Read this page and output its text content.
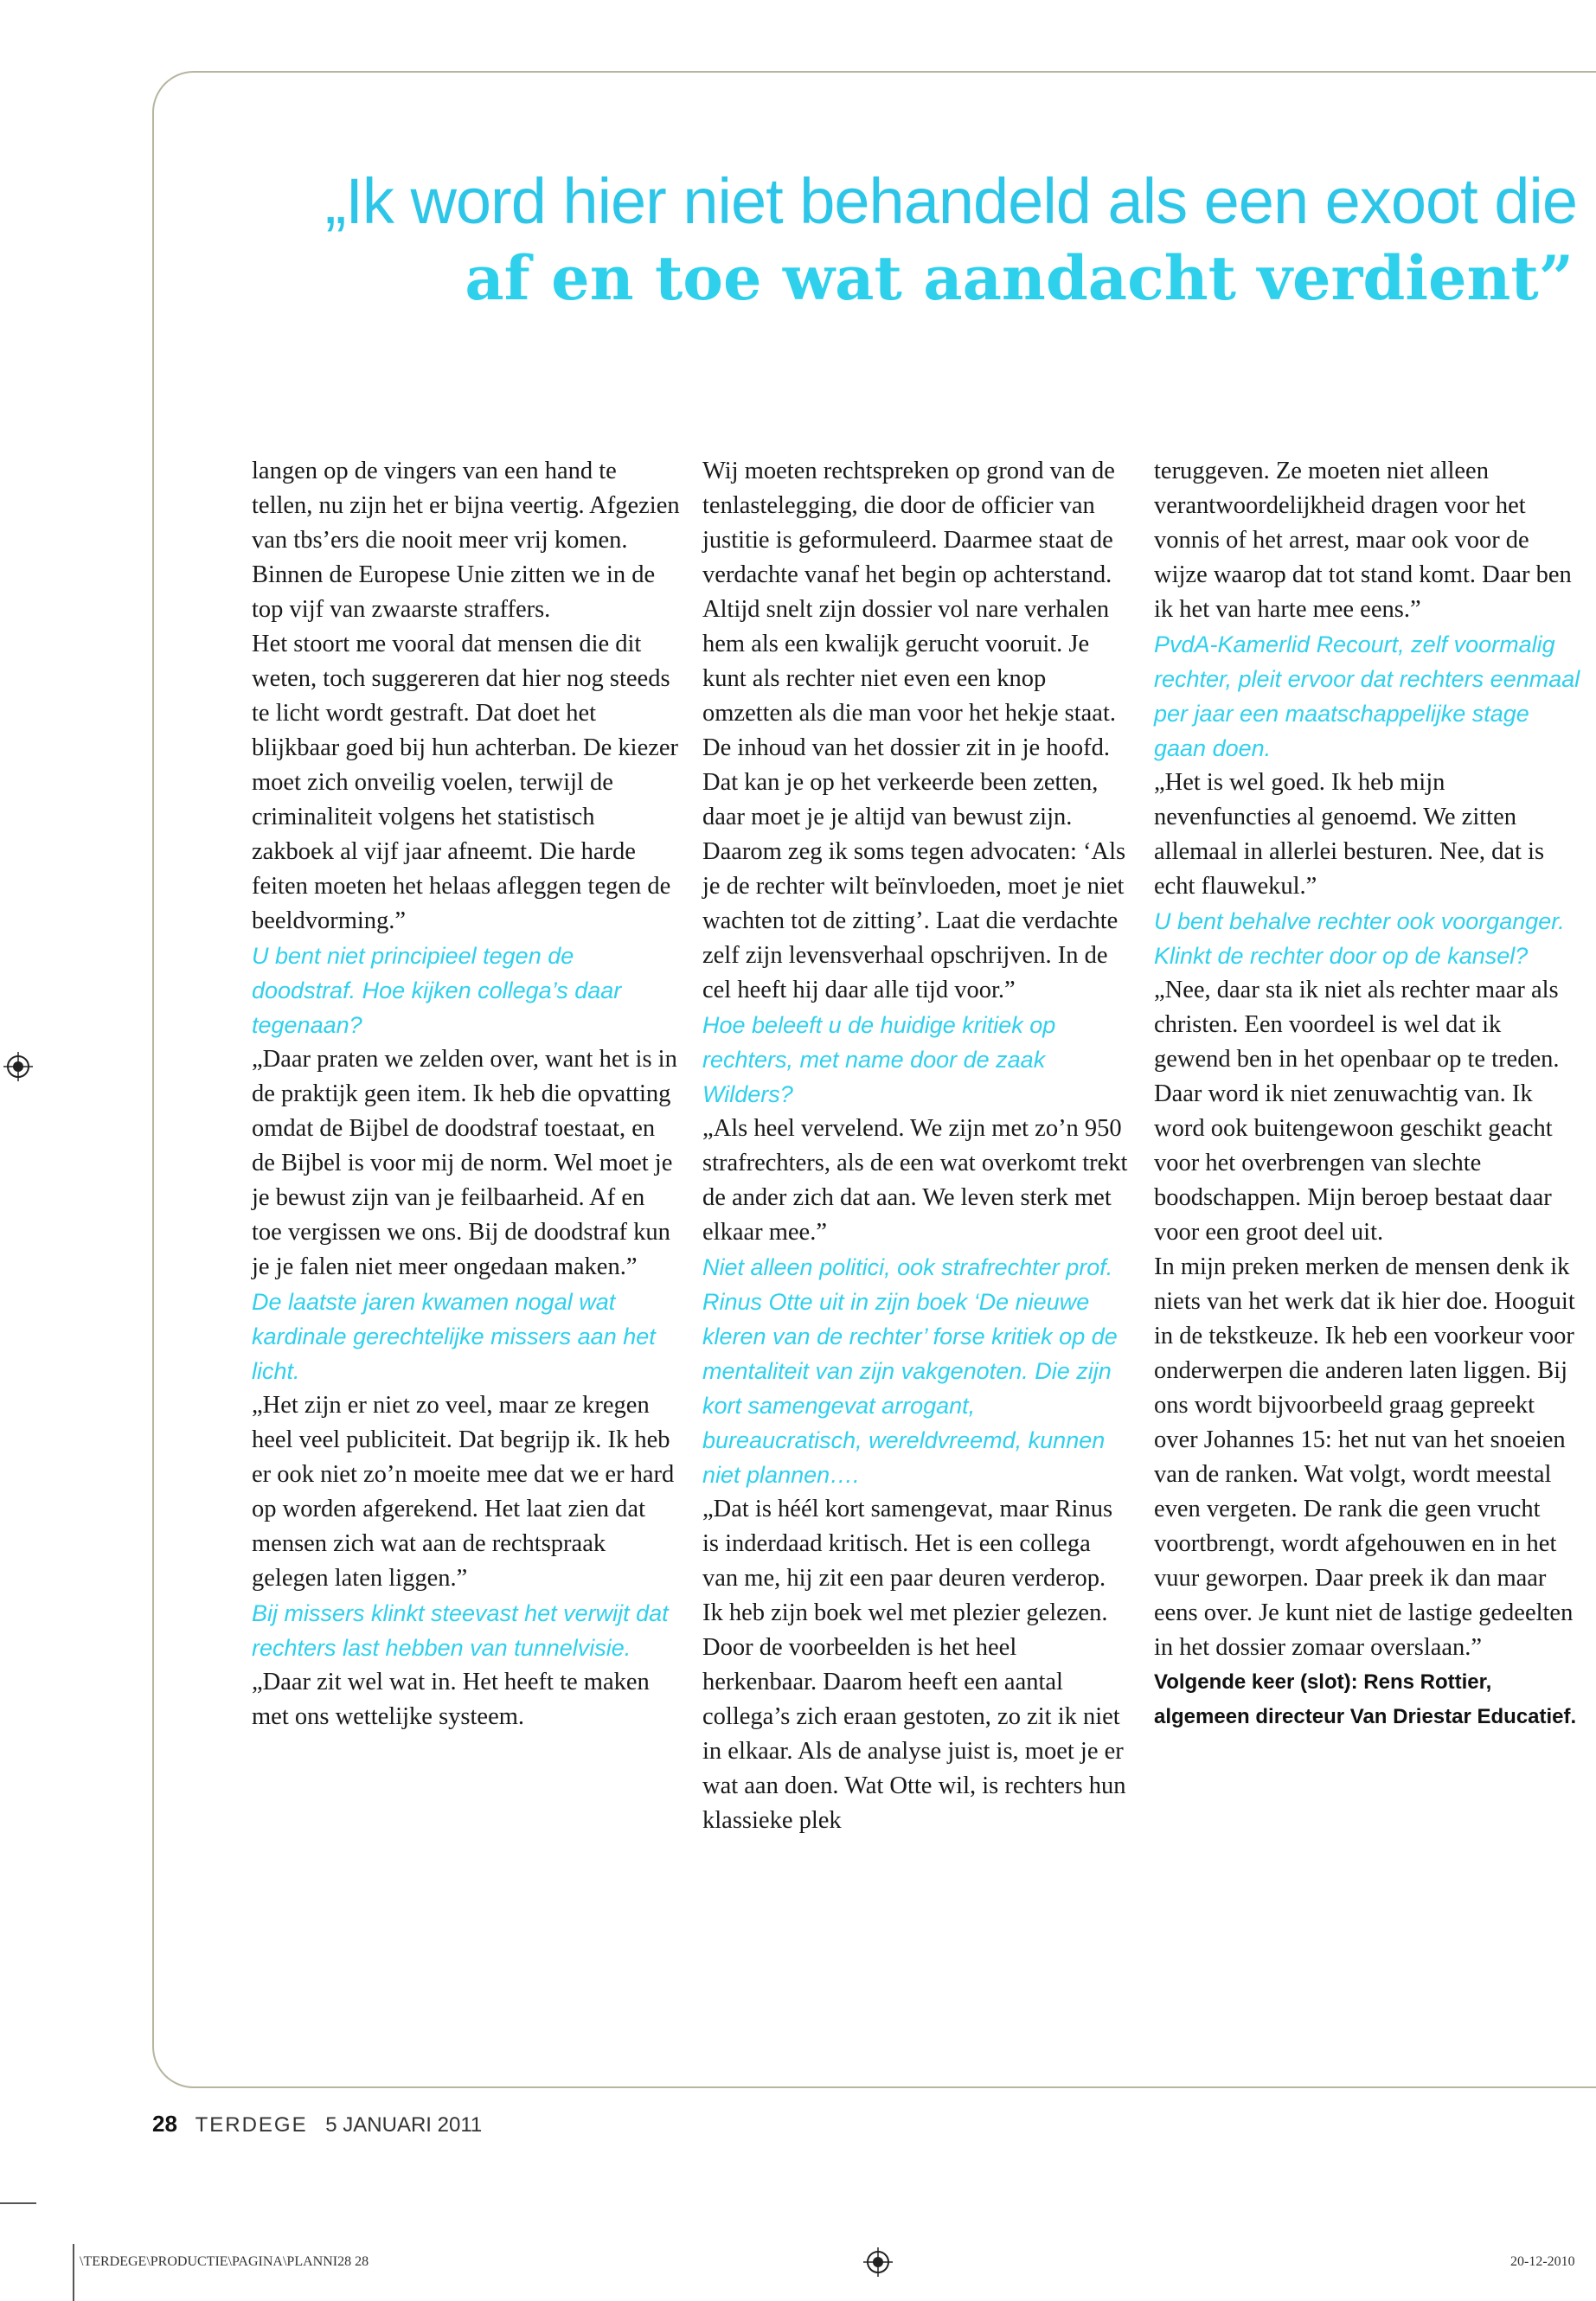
„Ik word hier niet behandeld als een exoot die
af en toe wat aandacht verdient”

langen op de vingers van een hand te tellen, nu zijn het er bijna veertig. Afgezien van tbs’ers die nooit meer vrij komen. Binnen de Europese Unie zitten we in de top vijf van zwaarste straffers.

Het stoort me vooral dat mensen die dit weten, toch suggereren dat hier nog steeds te licht wordt gestraft. Dat doet het blijkbaar goed bij hun achterban. De kiezer moet zich onveilig voelen, terwijl de criminaliteit volgens het statistisch zakboek al vijf jaar afneemt. Die harde feiten moeten het helaas afleggen tegen de beeldvorming.”

U bent niet principieel tegen de doodstraf. Hoe kijken collega’s daar tegenaan?

„Daar praten we zelden over, want het is in de praktijk geen item. Ik heb die opvatting omdat de Bijbel de doodstraf toestaat, en de Bijbel is voor mij de norm. Wel moet je je bewust zijn van je feilbaarheid. Af en toe vergissen we ons. Bij de doodstraf kun je je falen niet meer ongedaan maken.”

De laatste jaren kwamen nogal wat kardinale gerechtelijke missers aan het licht.

„Het zijn er niet zo veel, maar ze kregen heel veel publiciteit. Dat begrijp ik. Ik heb er ook niet zo’n moeite mee dat we er hard op worden afgerekend. Het laat zien dat mensen zich wat aan de rechtspraak gelegen laten liggen.”

Bij missers klinkt steevast het verwijt dat rechters last hebben van tunnelvisie.

„Daar zit wel wat in. Het heeft te maken met ons wettelijke systeem.

Wij moeten rechtspreken op grond van de tenlastelegging, die door de officier van justitie is geformuleerd. Daarmee staat de verdachte vanaf het begin op achterstand. Altijd snelt zijn dossier vol nare verhalen hem als een kwalijk gerucht vooruit. Je kunt als rechter niet even een knop omzetten als die man voor het hekje staat. De inhoud van het dossier zit in je hoofd. Dat kan je op het verkeerde been zetten, daar moet je je altijd van bewust zijn. Daarom zeg ik soms tegen advocaten: ‘Als je de rechter wilt beïnvloeden, moet je niet wachten tot de zitting’. Laat die verdachte zelf zijn levensverhaal opschrijven. In de cel heeft hij daar alle tijd voor.”

Hoe beleeft u de huidige kritiek op rechters, met name door de zaak Wilders?

„Als heel vervelend. We zijn met zo’n 950 strafrechters, als de een wat overkomt trekt de ander zich dat aan. We leven sterk met elkaar mee.”

Niet alleen politici, ook strafrechter prof. Rinus Otte uit in zijn boek ‘De nieuwe kleren van de rechter’ forse kritiek op de mentaliteit van zijn vakgenoten. Die zijn kort samengevat arrogant, bureaucratisch, wereldvreemd, kunnen niet plannen….

„Dat is héél kort samengevat, maar Rinus is inderdaad kritisch. Het is een collega van me, hij zit een paar deuren verderop. Ik heb zijn boek wel met plezier gelezen. Door de voorbeelden is het heel herkenbaar. Daarom heeft een aantal collega’s zich eraan gestoten, zo zit ik niet in elkaar. Als de analyse juist is, moet je er wat aan doen. Wat Otte wil, is rechters hun klassieke plek

teruggeven. Ze moeten niet alleen verantwoordelijkheid dragen voor het vonnis of het arrest, maar ook voor de wijze waarop dat tot stand komt. Daar ben ik het van harte mee eens.”

PvdA-Kamerlid Recourt, zelf voormalig rechter, pleit ervoor dat rechters eenmaal per jaar een maatschappelijke stage gaan doen.

„Het is wel goed. Ik heb mijn nevenfuncties al genoemd. We zitten allemaal in allerlei besturen. Nee, dat is echt flauwekul.”

U bent behalve rechter ook voorganger. Klinkt de rechter door op de kansel?

„Nee, daar sta ik niet als rechter maar als christen. Een voordeel is wel dat ik gewend ben in het openbaar op te treden. Daar word ik niet zenuwachtig van. Ik word ook buitengewoon geschikt geacht voor het overbrengen van slechte boodschappen. Mijn beroep bestaat daar voor een groot deel uit.

In mijn preken merken de mensen denk ik niets van het werk dat ik hier doe. Hooguit in de tekstkeuze. Ik heb een voorkeur voor onderwerpen die anderen laten liggen. Bij ons wordt bijvoorbeeld graag gepreekt over Johannes 15: het nut van het snoeien van de ranken. Wat volgt, wordt meestal even vergeten. De rank die geen vrucht voortbrengt, wordt afgehouwen en in het vuur geworpen. Daar preek ik dan maar eens over. Je kunt niet de lastige gedeelten in het dossier zomaar overslaan.”

Volgende keer (slot): Rens Rottier, algemeen directeur Van Driestar Educatief.

28 TERDEGE 5 JANUARI 2011
\TERDEGE\PRODUCTIE\PAGINA\PLANNI28 28	20-12-2010
